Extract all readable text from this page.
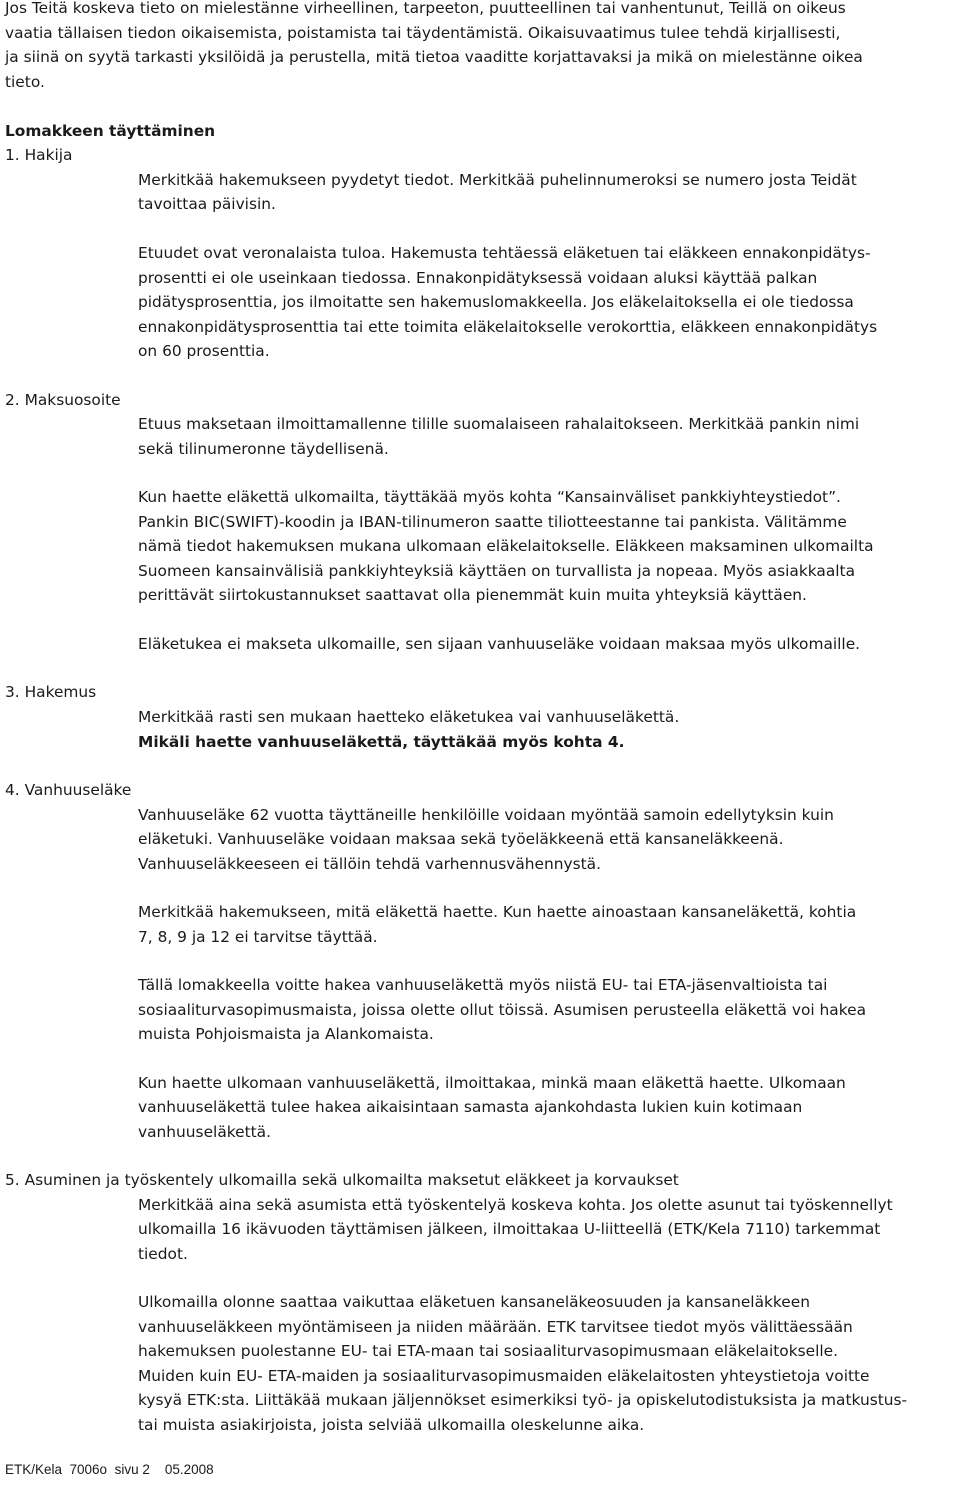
Jos Teitä koskeva tieto on mielestänne virheellinen, tarpeeton, puutteellinen tai vanhentunut, Teillä on oikeus
vaatia tällaisen tiedon oikaisemista, poistamista tai täydentämistä. Oikaisuvaatimus tulee tehdä kirjallisesti,
ja siinä on syytä tarkasti yksilöidä ja perustella, mitä tietoa vaaditte korjattavaksi ja mikä on mielestänne oikea
tieto.
Lomakkeen täyttäminen
1. Hakija
Merkitkää hakemukseen pyydetyt tiedot. Merkitkää puhelinnumeroksi se numero josta Teidät
tavoittaa päivisin.
Etuudet ovat veronalaista tuloa. Hakemusta tehtäessä eläketuen tai eläkkeen ennakonpidätys-
prosentti ei ole useinkaan tiedossa. Ennakonpidätyksessä voidaan aluksi käyttää palkan
pidätysprosenttia, jos ilmoitatte sen hakemuslomakkeella. Jos eläkelaitoksella ei ole tiedossa
ennakonpidätysprosenttia tai ette toimita eläkelaitokselle verokorttia, eläkkeen ennakonpidätys
on 60 prosenttia.
2. Maksuosoite
Etuus maksetaan ilmoittamallenne tilille suomalaiseen rahalaitokseen. Merkitkää pankin nimi
sekä tilinumeronne täydellisenä.
Kun haette eläkettä ulkomailta, täyttäkää myös kohta “Kansainväliset pankkiyhteystiedot”.
Pankin BIC(SWIFT)-koodin ja IBAN-tilinumeron saatte tiliotteestanne tai pankista. Välitämme
nämä tiedot hakemuksen mukana ulkomaan eläkelaitokselle. Eläkkeen maksaminen ulkomailta
Suomeen kansainvälisiä pankkiyhteyksiä käyttäen on turvallista ja nopeaa. Myös asiakkaalta
perittävät siirtokustannukset saattavat olla pienemmät kuin muita yhteyksiä käyttäen.
Eläketukea ei makseta ulkomaille, sen sijaan vanhuuseläke voidaan maksaa myös ulkomaille.
3. Hakemus
Merkitkää rasti sen mukaan haetteko eläketukea vai vanhuuseläkettä.
Mikäli haette vanhuuseläkettä, täyttäkää myös kohta 4.
4. Vanhuuseläke
Vanhuuseläke 62 vuotta täyttäneille henkilöille voidaan myöntää samoin edellytyksin kuin
eläketuki. Vanhuuseläke voidaan maksaa sekä työeläkkeenä että kansaneläkkeenä.
Vanhuuseläkkeeseen ei tällöin tehdä varhennusvähennystä.
Merkitkää hakemukseen, mitä eläkettä haette. Kun haette ainoastaan kansaneläkettä, kohtia
7, 8, 9 ja 12 ei tarvitse täyttää.
Tällä lomakkeella voitte hakea vanhuuseläkettä myös niistä EU- tai ETA-jäsenvaltioista tai
sosiaaliturvasopimusmaista, joissa olette ollut töissä. Asumisen perusteella eläkettä voi hakea
muista Pohjoismaista ja Alankomaista.
Kun haette ulkomaan vanhuuseläkettä, ilmoittakaa, minkä maan eläkettä haette. Ulkomaan
vanhuuseläkettä tulee hakea aikaisintaan samasta ajankohdasta lukien kuin kotimaan
vanhuuseläkettä.
5. Asuminen ja työskentely ulkomailla sekä ulkomailta maksetut eläkkeet ja korvaukset
Merkitkää aina sekä asumista että työskentelyä koskeva kohta. Jos olette asunut tai työskennellyt
ulkomailla 16 ikävuoden täyttämisen jälkeen, ilmoittakaa U-liitteellä (ETK/Kela 7110) tarkemmat
tiedot.
Ulkomailla olonne saattaa vaikuttaa eläketuen kansaneläkeosuuden ja kansaneläkkeen
vanhuuseläkkeen myöntämiseen ja niiden määrään. ETK tarvitsee tiedot myös välittäessään
hakemuksen puolestanne EU- tai ETA-maan tai sosiaaliturvasopimusmaan eläkelaitokselle.
Muiden kuin EU- ETA-maiden ja sosiaaliturvasopimusmaiden eläkelaitosten yhteystietoja voitte
kysyä ETK:sta. Liittäkää mukaan jäljennökset esimerkiksi työ- ja opiskelutodistuksista ja matkustus-
tai muista asiakirjoista, joista selviää ulkomailla oleskelunne aika.
ETK/Kela  7006o  sivu 2    05.2008
